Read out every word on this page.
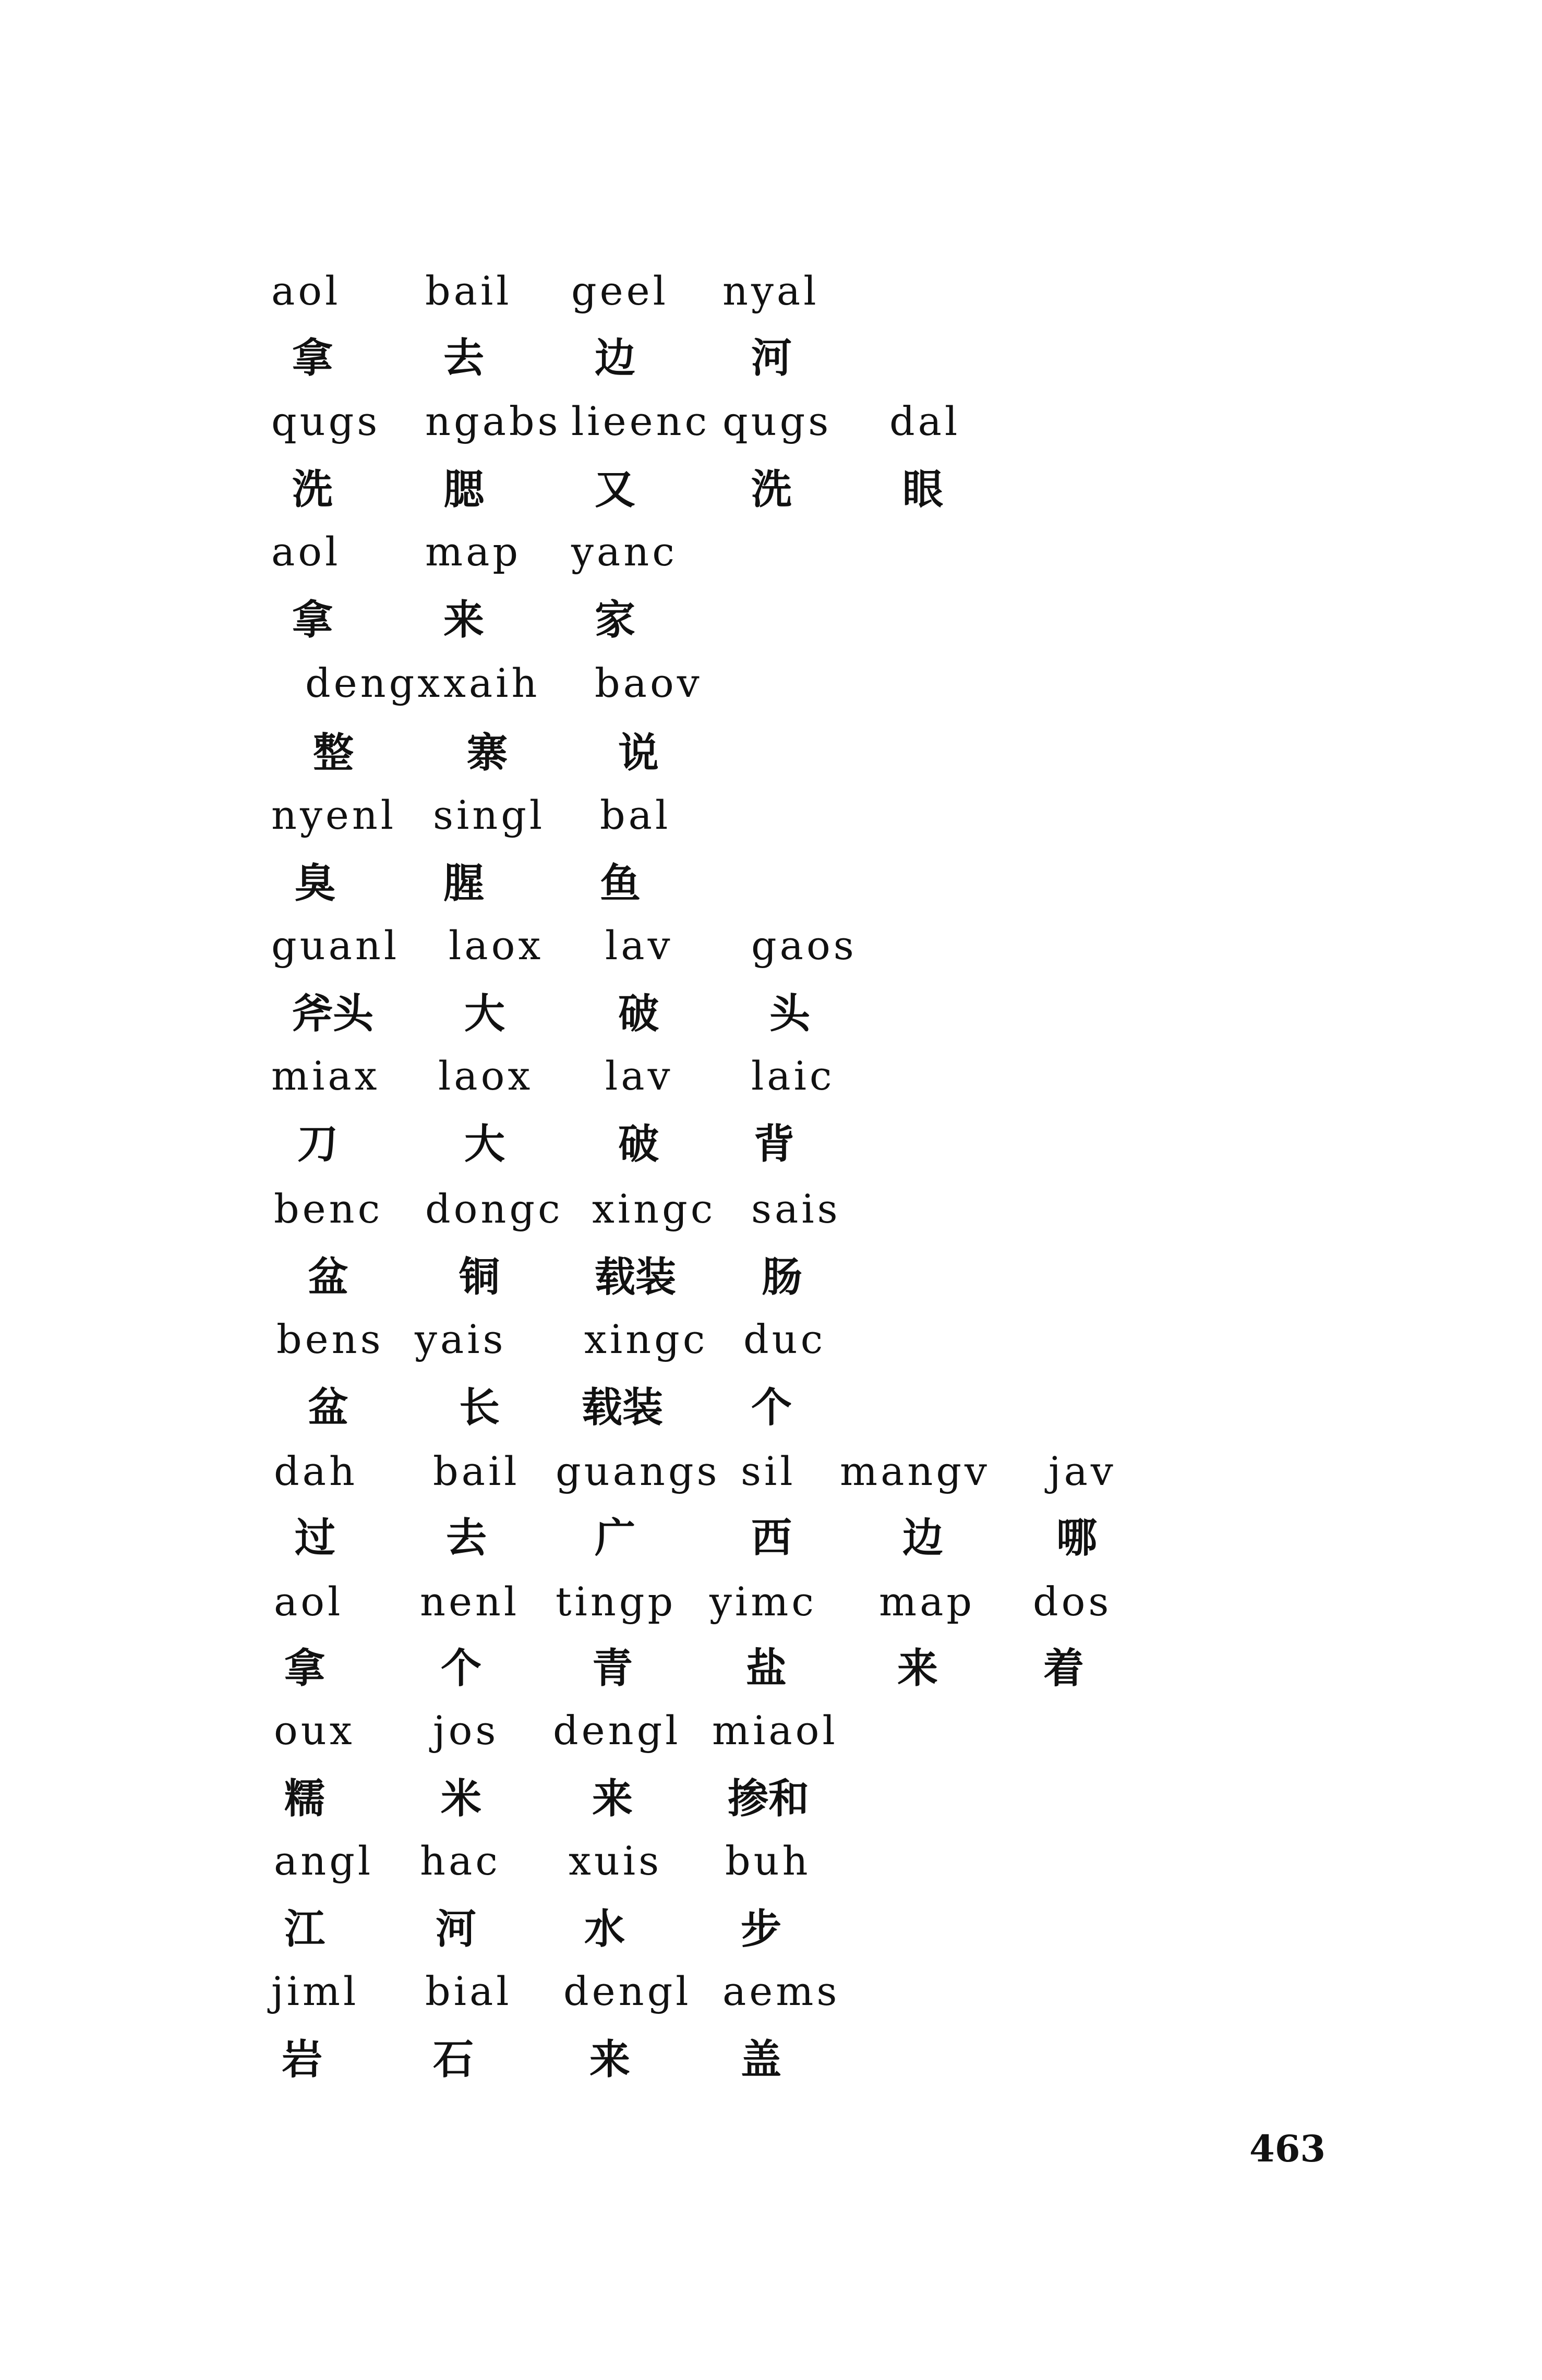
aol bail geel nyal
拿	去	边	河
qugs ngabs lieenc qugs dal
洗	腮	又	洗	眼
aol map yanc
拿	来	家
dengx xaih baov
整	寨	说
nyenl singl bal
臭	腥	鱼
guanl laox lav gaos
斧头 大	破	头
miax laox lav laic
刀	大	破 背
benc dongc xingc sais
盆	铜 载装 肠
bens yais xingc duc
盆	长 载装 个
dah bail guangs sil mangv jav
过	去	广	西	边	哪
aol nenl tingp yimc map dos
拿	个	青	盐	来	着
oux jos dengl miaol
糯	米	来 掺和
angl hac xuis buh
江	河	水	步
jiml bial dengl aems
岩	石	来	盖
463
